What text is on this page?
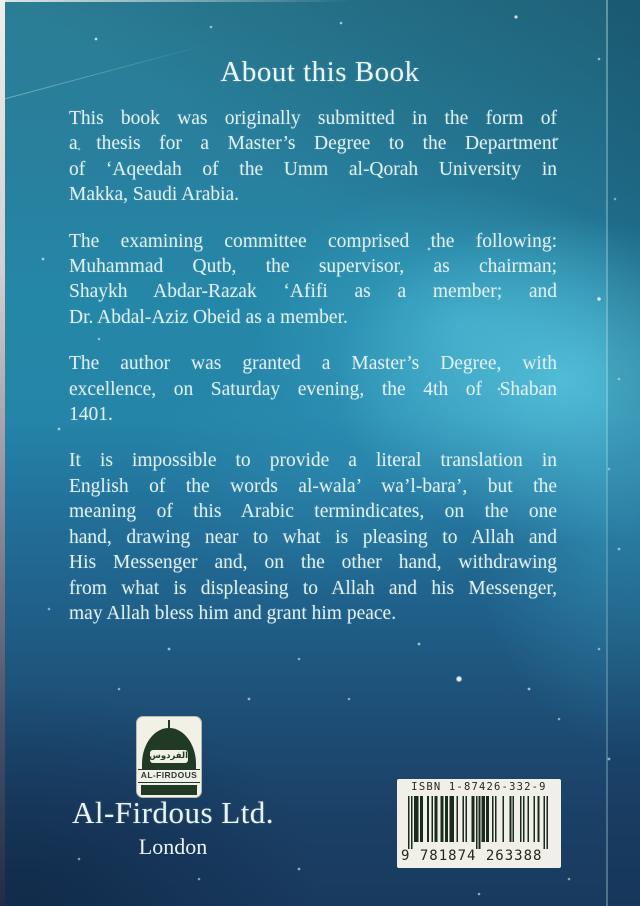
About this Book
This book was originally submitted in the form of
a thesis for a Master’s Degree to the Department
of ‘Aqeedah of the Umm al-Qorah University in
Makka, Saudi Arabia.
The examining committee comprised the following:
Muhammad Qutb, the supervisor, as chairman;
Shaykh Abdar-Razak ‘Afifi as a member; and
Dr. Abdal-Aziz Obeid as a member.
The author was granted a Master’s Degree, with
excellence, on Saturday evening, the 4th of Shaban
1401.
It is impossible to provide a literal translation in
English of the words al-wala’ wa’l-bara’, but the
meaning of this Arabic termindicates, on the one
hand, drawing near to what is pleasing to Allah and
His Messenger and, on the other hand, withdrawing
from what is displeasing to Allah and his Messenger,
may Allah bless him and grant him peace.
الفردوس
AL-FIRDOUS
Al-Firdous Ltd.
London
ISBN 1-87426-332-9
9 781874 263388
